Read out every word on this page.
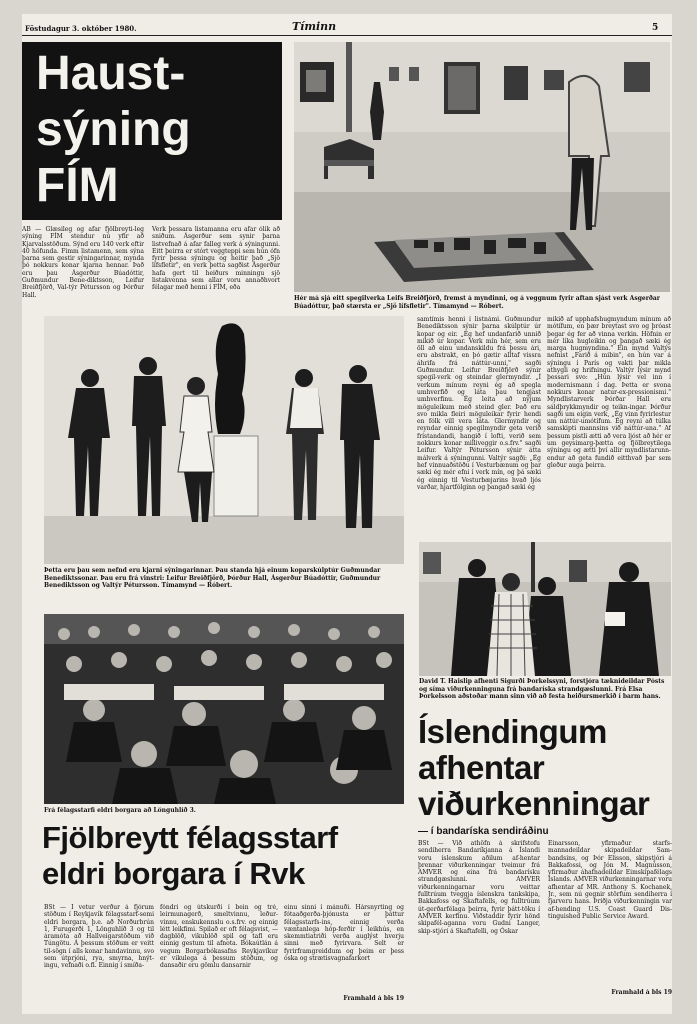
Föstudagur 3. október 1980.	Tíminn	5
Haust-
sýning
FÍM
AB — Glæsileg og afar fjölbreyti-leg sýning FÍM stendur nú yfir að Kjarvalsstöðum. Sýnd eru 140 verk eftir 40 höfunda. Fimm listamenn, sem sýna þarna sem gestir sýningarinnar, mynda þó nokkurs konar kjarna hennar. Það eru þau Ásgerður Búadóttir, Guðmundur Bene-diktsson, Leifur Breiðfjörð, Val-týr Pétursson og Þórður Hall.
Verk þessara listamanna eru afar ólík að sniðum. Ásgerður sem synir þarna listvefnað á afar falleg verk á sýningunni. Eitt þeirra er stórt veggteppi sem hún ófn fyrir þessa sýningu og heitir það „Sjö lífsfletir", en verk þetta sagðist Ásgerður hafa gert til heiðurs minningu sjö listakvenna sem allar voru annaðhvort félagar með henni í FÍM, eða
Hér má sjá eitt spegilverka Leifs Breiðfjörð, fremst á myndinni, og á veggnum fyrir aftan sjást verk Ásgerðar Búadóttur, það stærsta er „Sjö lífsfletir". Tímamynd — Róbert.
Þetta eru þau sem nefnd eru kjarni sýningarinnar. Þau standa hjá einum koparskúlptúr Guðmundar Benediktssonar. Þau eru frá vinstri: Leifur Breiðfjörð, Þórður Hall, Ásgerður Búadóttir, Guðmundur Benediktsson og Valtýr Pétursson. Tímamynd — Róbert.
samtímis henni í listnámi. Guðmundur Benediktsson sýnir þarna skúlptúr úr kopar og eir. „Ég hef undanfarið unnið mikið úr kopar. Verk mín hér, sem eru öll að einu undanskildu frá þessu ári, eru abstrakt, en þó gætir alltaf vissra áhrifa frá náttúr-unni," sagði Guðmundur. Leifur Breiðfjörð sýnir spegil-verk og steindar glermyndir. „Í verkum mínum reyni ég að spegla umhverfið og láta þau tengjast umhverfinu. Ég leita að nýjum möguleikum með steind gler. Það eru svo mikla fleiri möguleikar fyrir hendi en fólk vill vera láta. Glermyndir og reyndar einnig spegilmyndir geta verið frístandandi, hangið í lofti, verið sem nokkurs konar milliveggir o.s.frv." sagði Leifur. Valtýr Pétursson sýnir átta málverk á sýningunni. Valtýr sagði: „Ég hef vinnuaðstöðu í Vesturbænum og þar sæki ég mér efni í verk mín, og þá sæki ég einnig til Vesturbæjarins hvað ljós varðar, hjartfólginn og þangað sæki ég
mikið af upphafshugmyndum mínum að mótífum, en þær breytast svo og þróast þegar ég fer að vinna verkin. Höfnin er mér líka hugleikin og þangað sæki ég marga hugmyndina." Ein mynd Valtýs nefnist „Farið á mibin", en hún var á sýningu í París og vakti þar mikla athygli og hrifningu. Valtýr lýsir mynd þessari svo: „Hún lýsir vel inn í modernismann í dag. Þetta er svona nokkurs konar natur-ex-pressionismi." Myndlistarverk Þórðar Hall eru sáldþrykkmyndir og teikn-ingar. Þórður sagði um eigin verk, „Ég vinn fyrirlestur um náttúr-umótífum. Ég reyni að túlka samskipti mannsins við náttúr-una." Af þessum pistli ætti að vera ljóst að hér er um geysimarg-þætta og fjölbreytilega sýningu og ætti því allir myndlistarunn-endur að geta fundið eitthvað þar sem gleður auga þeirra.
David T. Haislip afhenti Sigurði Þorkelssyni, forstjóra tæknideildar Pósts og síma viðurkenninguna frá bandaríska strandgæslunni. Frá Elsa Þorkelsson aðstoðar mann sinn við að festa heiðursmerkið í barm hans.
Frá félagsstarfi eldri borgara að Lönguhlíð 3.
Íslendingum
afhentar
viðurkenningar
— í bandaríska sendiráðinu
BSt — Við athöfn á skrifstofu sendiherra Bandaríkjanna á Íslandi voru íslenskum aðilum af-hentar þrennar viðurkenningar tveimur frá AMVER og eina frá bandarísku strandgæslunni. AMVER viðurkenningarnar voru veittar fulltrúum tveggja íslenskra tankskipa, Bakkafoss og Skaftafells, og fulltrúum út-gerðarfélaga þeirra, fyrir þátt-töku í AMVER kerfinu. Viðstaddir fyrir hönd skipafél-aganna voru Gudni Langer, skip-stjóri á Skaftafelli, og Óskar
Einarsson, yfirmaður starfs-mannadeildar skipadeildar Sam-bandsins, og Þór Elisson, skipstjóri á Bakkafossi, og Jón M. Magnússon, yfirmaður áhafnadeildar Eimskipafélags Íslands. AMVER viðurkenningarnar voru afhentar af MR. Anthony S. Kochanek, Jr., sem nú gegnir störfum sendiherra í fjarveru hans. Þriðja viðurkenningin var af-hending U.S. Coast Guard Dis-tinguished Public Service Award.
Framhald á bls 19
Fjölbreytt félagsstarf
eldri borgara í Rvk
BSt — Í vetur verður á fjórum stöðum í Reykjavík félagsstarf-semi eldri borgara, þ.e. að Norðurbrún 1, Furugerði 1, Lönguhlíð 3 og til áramóta að Hallveigarstöðum við Túngötu. Á þessum stöðum er veitt til-sögn í alls konar handavinnu, svo sem útprjóni, rya, smyrna, hnýt-ingu, vefnaði o.fl. Einnig í smíða-
fóndri og útskurði í bein og tré, leirmunagerð, smeltvinnu, leður-vinnu, enskukennslu o.s.frv. og einnig létt leikfimi. Spilað er oft félagsvist, — dagblöð, vikublöð spil og tafl eru einnig gestum til afnota. Bókaútlán á vegum Borgarbókasafns Reykjavíkur er vikulega á þessum stöðum, og dansaðir eru gömlu dansarnir
einu sinni í mánuði. Hársnyrting og fótaaðgerða-þjónusta er þáttur félagsstarfs-ins, einnig verða væntanlega hóp-ferðir í leikhús, en skemmtiatriði verða auglýst hverju sinni með fyrirvara. Selt er fyrirframgreiddum og þeim er þess óska og strætisvagnafarkort
Framhald á bls 19
